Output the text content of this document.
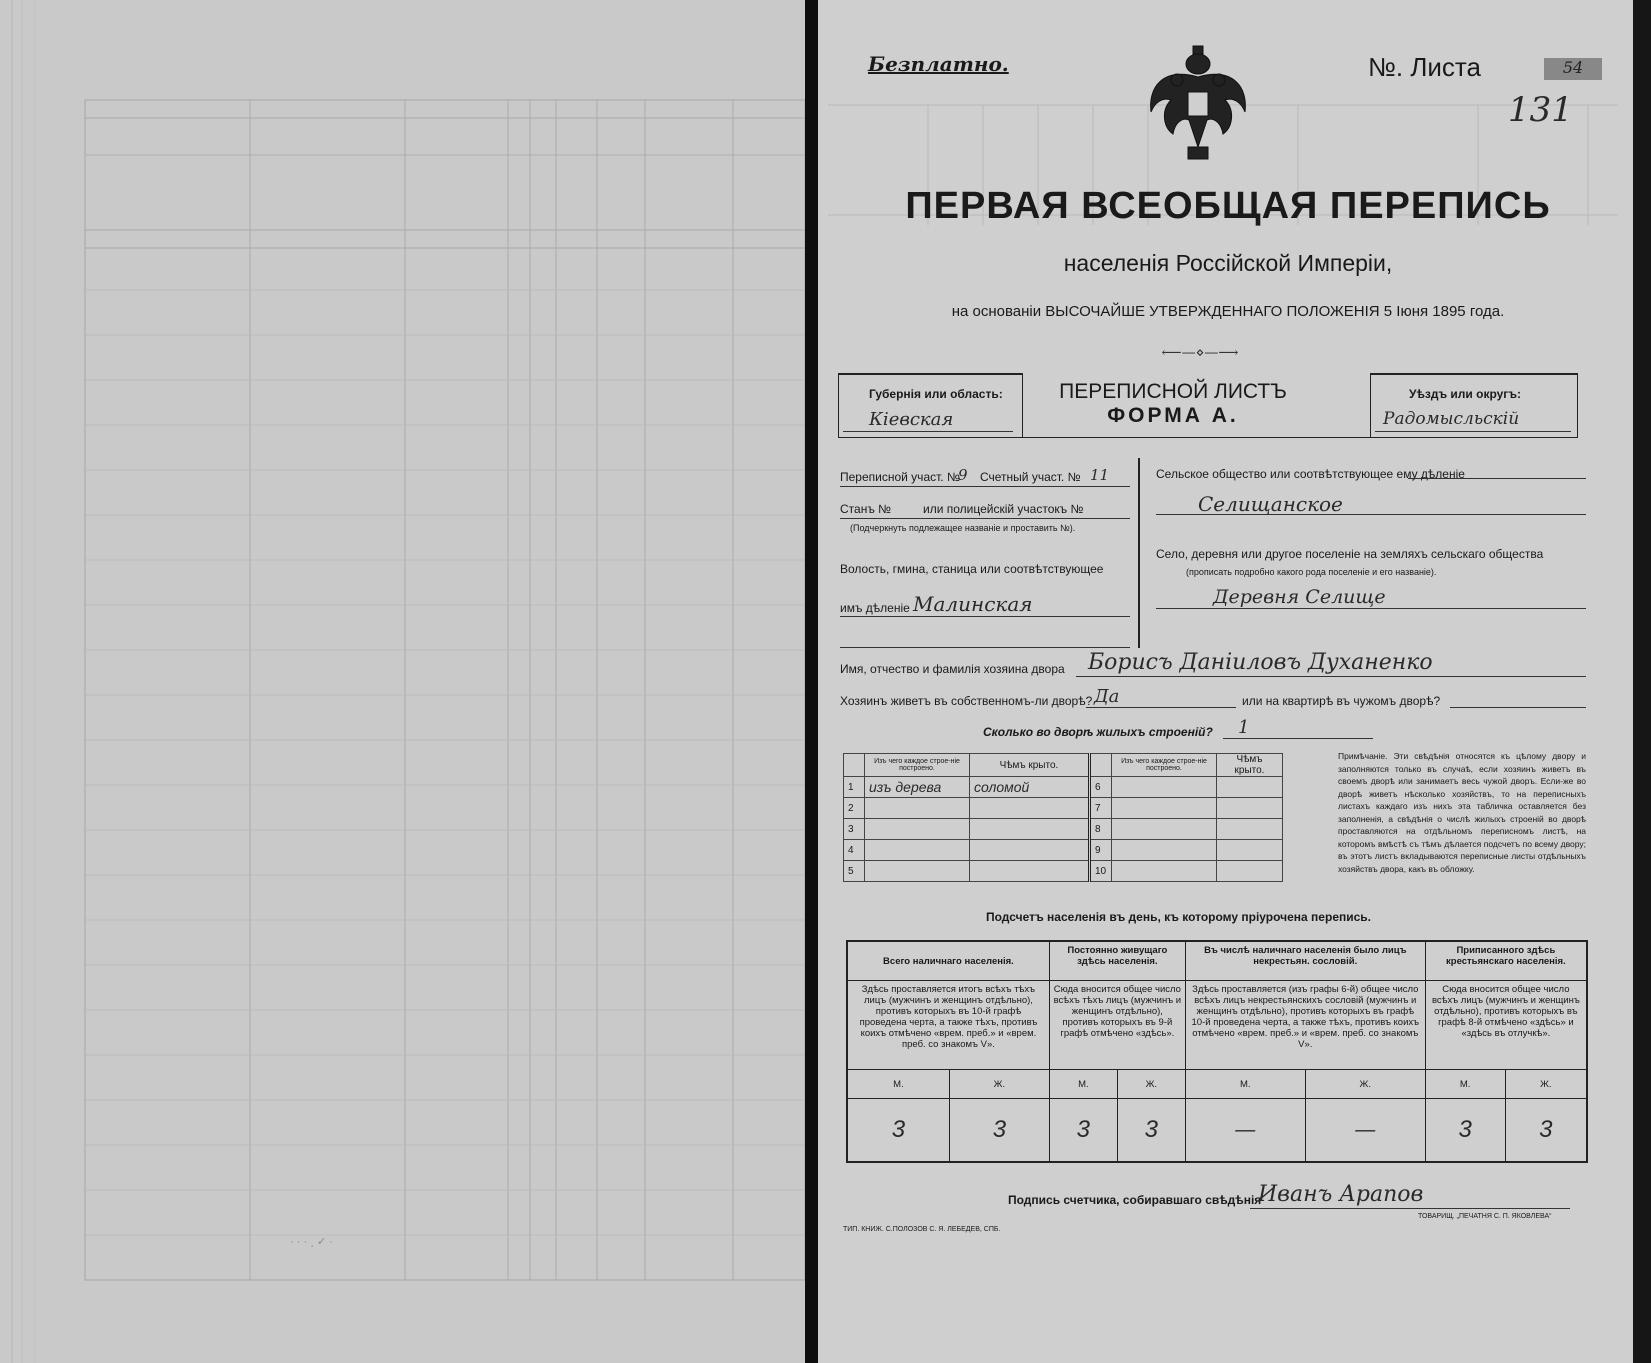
· · · ˏ ✓ ·
Безплатно.	№. Листа	54
131
ПЕРВАЯ ВСЕОБЩАЯ ПЕРЕПИСЬ
населенія Россійской Имперіи,
на основаніи ВЫСОЧАЙШЕ УТВЕРЖДЕННАГО ПОЛОЖЕНІЯ 5 Іюня 1895 года.
⟵—⋄—⟶
Губернія или область:
Кіевская
ПЕРЕПИСНОЙ ЛИСТЪ
ФОРМА А.
Уѣздъ или округъ:
Радомысльскій
Переписной участ. №
9 Счетный участ. № 11
Станъ №	или полицейскій участокъ №
(Подчеркнуть подлежащее названіе и проставить №).
Волость, гмина, станица или соотвѣтствующее
имъ дѣленіе Малинская
Сельское общество или соотвѣтствующее ему дѣленіе
Селищанское
Село, деревня или другое поселеніе на земляхъ сельскаго общества
(прописать подробно какого рода поселеніе и его названіе).
Деревня Селище
Имя, отчество и фамилія хозяина двора Борисъ Даніиловъ Духаненко
Хозяинъ живетъ въ собственномъ-ли дворѣ? Да	или на квартирѣ въ чужомъ дворѣ?
Сколько во дворѣ жилыхъ строеній? 1
	Изъ чего каждое строе-ніе построено.	Чѣмъ крыто.		Изъ чего каждое строе-ніе построено.	Чѣмъ крыто.
1	изъ дерева	соломой	6		
2			7		
3			8		
4			9		
5			10		
Примѣчаніе. Эти свѣдѣнія относятся къ цѣлому двору и заполняются только въ случаѣ, если хозяинъ живетъ въ своемъ дворѣ или занимаетъ весь чужой дворъ. Если-же во дворѣ живетъ нѣсколько хозяйствъ, то на переписныхъ листахъ каждаго изъ нихъ эта табличка оставляется без заполненія, а свѣдѣнія о числѣ жилыхъ строеній во дворѣ проставляются на отдѣльномъ переписномъ листѣ, на которомъ вмѣстѣ съ тѣмъ дѣлается подсчетъ по всему двору; въ этотъ листъ вкладываются переписные листы отдѣльныхъ хозяйствъ двора, какъ въ обложку.
Подсчетъ населенія въ день, къ которому пріурочена перепись.
Всего наличнаго населенія.		Постоянно живущаго здѣсь населенія.		Въ числѣ наличнаго населенія было лицъ некрестьян. сословій.		Приписанного здѣсь крестьянскаго населенія.	
Здѣсь проставляется итогъ всѣхъ тѣхъ лицъ (мужчинъ и женщинъ отдѣльно), противъ которыхъ въ 10-й графѣ проведена черта, а также тѣхъ, противъ коихъ отмѣчено «врем. преб.» и «врем. преб. со знакомъ V».		Сюда вносится общее число всѣхъ тѣхъ лицъ (мужчинъ и женщинъ отдѣльно), противъ которыхъ въ 9-й графѣ отмѣчено «здѣсь».		Здѣсь проставляется (изъ графы 6-й) общее число всѣхъ лицъ некрестьянскихъ сословій (мужчинъ и женщинъ отдѣльно), противъ которыхъ въ графѣ 10-й проведена черта, а также тѣхъ, противъ коихъ отмѣчено «врем. преб.» и «врем. преб. со знакомъ V».		Сюда вносится общее число всѣхъ лицъ (мужчинъ и женщинъ отдѣльно), противъ которыхъ въ графѣ 8-й отмѣчено «здѣсь» и «здѣсь въ отлучкѣ».	
М.	Ж.	М.	Ж.	М.	Ж.	М.	Ж.
3	3	3	3	—	—	3	3
Подпись счетчика, собиравшаго свѣдѣнія
Иванъ Арапов
ТИП. КНИЖ. С.ПОЛОЗОВ С. Я. ЛЕБЕДЕВ, СПБ.
ТОВАРИЩ. „ПЕЧАТНЯ С. П. ЯКОВЛЕВА“
